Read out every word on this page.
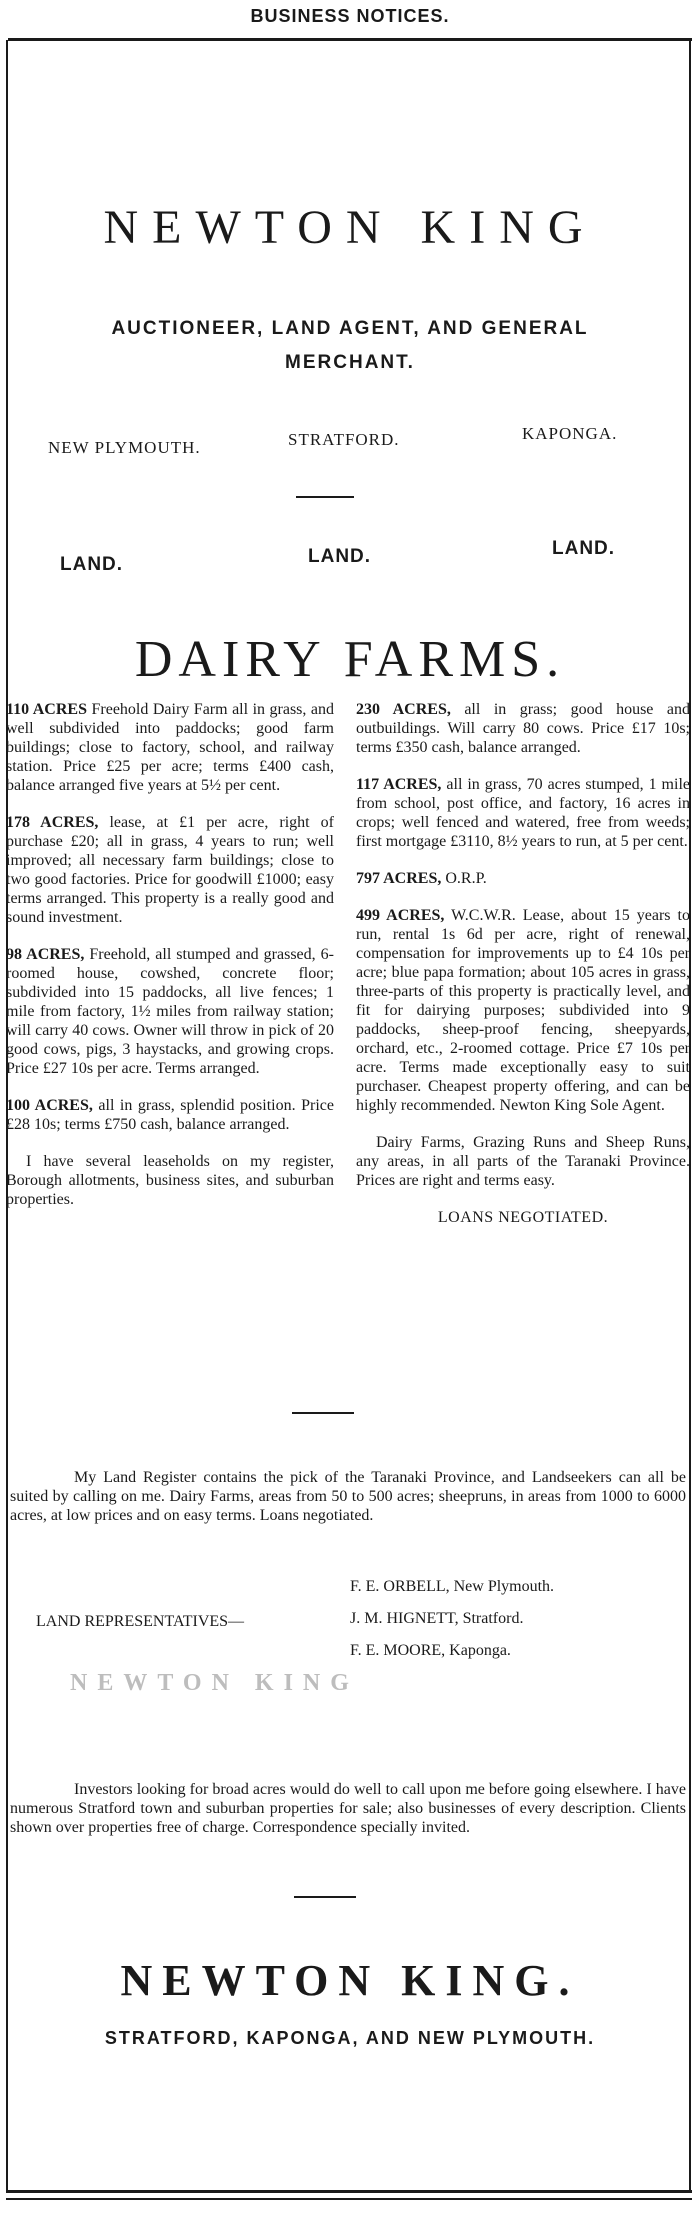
BUSINESS NOTICES.
NEWTON KING
AUCTIONEER, LAND AGENT, AND GENERAL
MERCHANT.
NEW PLYMOUTH.	STRATFORD.	KAPONGA.
LAND.	LAND.	LAND.
DAIRY FARMS.

110 ACRES Freehold Dairy Farm all in grass, and well subdivided into paddocks; good farm buildings; close to factory, school, and railway station. Price £25 per acre; terms £400 cash, balance arranged five years at 5½ per cent.

178 ACRES, lease, at £1 per acre, right of purchase £20; all in grass, 4 years to run; well improved; all necessary farm buildings; close to two good factories. Price for goodwill £1000; easy terms arranged. This property is a really good and sound investment.

98 ACRES, Freehold, all stumped and grassed, 6-roomed house, cowshed, concrete floor; subdivided into 15 paddocks, all live fences; 1 mile from factory, 1½ miles from railway station; will carry 40 cows. Owner will throw in pick of 20 good cows, pigs, 3 haystacks, and growing crops. Price £27 10s per acre. Terms arranged.

100 ACRES, all in grass, splendid position. Price £28 10s; terms £750 cash, balance arranged.

I have several leaseholds on my register, Borough allotments, business sites, and suburban properties.

230 ACRES, all in grass; good house and outbuildings. Will carry 80 cows. Price £17 10s; terms £350 cash, balance arranged.

117 ACRES, all in grass, 70 acres stumped, 1 mile from school, post office, and factory, 16 acres in crops; well fenced and watered, free from weeds; first mortgage £3110, 8½ years to run, at 5 per cent.

797 ACRES, O.R.P.

499 ACRES, W.C.W.R. Lease, about 15 years to run, rental 1s 6d per acre, right of renewal, compensation for improvements up to £4 10s per acre; blue papa formation; about 105 acres in grass, three-parts of this property is practically level, and fit for dairying purposes; subdivided into 9 paddocks, sheep-proof fencing, sheepyards, orchard, etc., 2-roomed cottage. Price £7 10s per acre. Terms made exceptionally easy to suit purchaser. Cheapest property offering, and can be highly recommended. Newton King Sole Agent.

Dairy Farms, Grazing Runs and Sheep Runs, any areas, in all parts of the Taranaki Province. Prices are right and terms easy.

LOANS NEGOTIATED.
My Land Register contains the pick of the Taranaki Province, and Landseekers can all be suited by calling on me. Dairy Farms, areas from 50 to 500 acres; sheepruns, in areas from 1000 to 6000 acres, at low prices and on easy terms. Loans negotiated.
LAND REPRESENTATIVES—
F. E. ORBELL, New Plymouth.
J. M. HIGNETT, Stratford.
F. E. MOORE, Kaponga.
NEWTON KING
Investors looking for broad acres would do well to call upon me before going elsewhere. I have numerous Stratford town and suburban properties for sale; also businesses of every description. Clients shown over properties free of charge. Correspondence specially invited.
NEWTON KING.
STRATFORD, KAPONGA, AND NEW PLYMOUTH.
